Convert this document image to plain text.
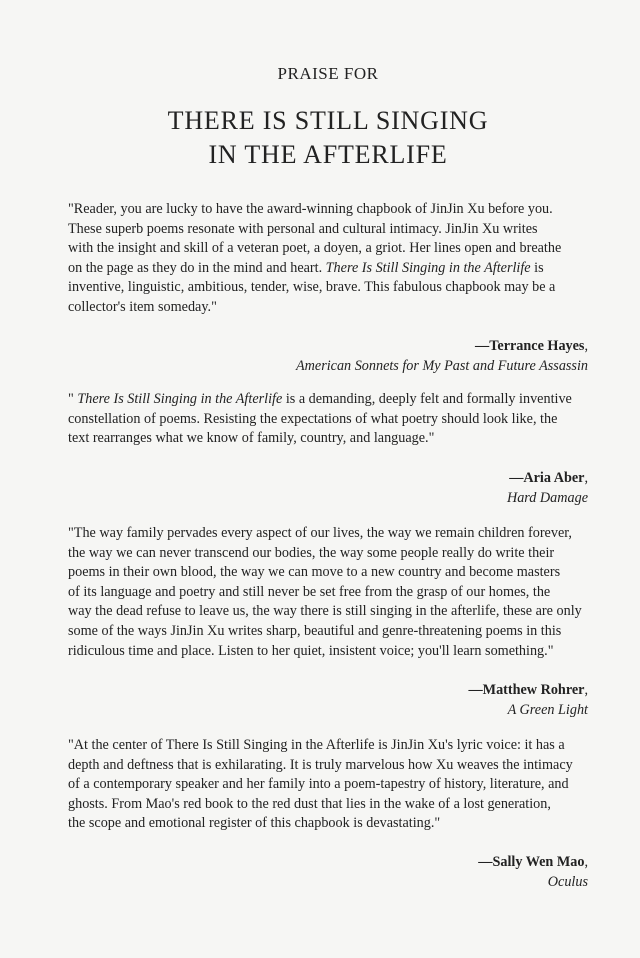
PRAISE FOR
THERE IS STILL SINGING
IN THE AFTERLIFE
"Reader, you are lucky to have the award-winning chapbook of JinJin Xu before you.
These superb poems resonate with personal and cultural intimacy. JinJin Xu writes
with the insight and skill of a veteran poet, a doyen, a griot. Her lines open and breathe
on the page as they do in the mind and heart. There Is Still Singing in the Afterlife is
inventive, linguistic, ambitious, tender, wise, brave. This fabulous chapbook may be a
collector's item someday."
—Terrance Hayes,
American Sonnets for My Past and Future Assassin
" There Is Still Singing in the Afterlife is a demanding, deeply felt and formally inventive
constellation of poems. Resisting the expectations of what poetry should look like, the
text rearranges what we know of family, country, and language."
—Aria Aber,
Hard Damage
"The way family pervades every aspect of our lives, the way we remain children forever,
the way we can never transcend our bodies, the way some people really do write their
poems in their own blood, the way we can move to a new country and become masters
of its language and poetry and still never be set free from the grasp of our homes, the
way the dead refuse to leave us, the way there is still singing in the afterlife, these are only
some of the ways JinJin Xu writes sharp, beautiful and genre-threatening poems in this
ridiculous time and place. Listen to her quiet, insistent voice; you'll learn something."
—Matthew Rohrer,
A Green Light
"At the center of There Is Still Singing in the Afterlife is JinJin Xu's lyric voice: it has a
depth and deftness that is exhilarating. It is truly marvelous how Xu weaves the intimacy
of a contemporary speaker and her family into a poem-tapestry of history, literature, and
ghosts. From Mao's red book to the red dust that lies in the wake of a lost generation,
the scope and emotional register of this chapbook is devastating."
—Sally Wen Mao,
Oculus
